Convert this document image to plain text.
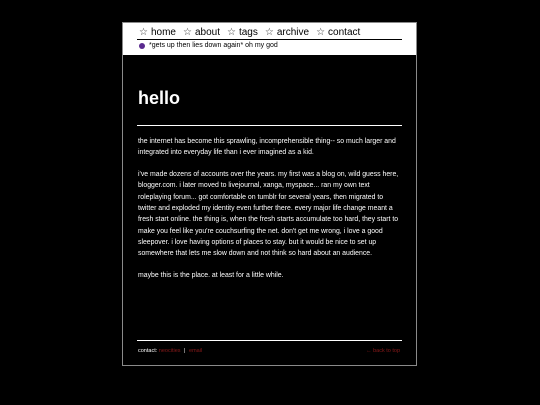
☆ home ☆ about ☆ tags ☆ archive ☆ contact
*gets up then lies down again* oh my god
hello

the internet has become this sprawling, incomprehensible thing-- so much larger and integrated into everyday life than i ever imagined as a kid.

i've made dozens of accounts over the years. my first was a blog on, wild guess here, blogger.com. i later moved to livejournal, xanga, myspace... ran my own text roleplaying forum... got comfortable on tumblr for several years, then migrated to twitter and exploded my identity even further there. every major life change meant a fresh start online. the thing is, when the fresh starts accumulate too hard, they start to make you feel like you're couchsurfing the net. don't get me wrong, i love a good sleepover. i love having options of places to stay. but it would be nice to set up somewhere that lets me slow down and not think so hard about an audience.

maybe this is the place. at least for a little while.

contact: neocities | email	← back to top
